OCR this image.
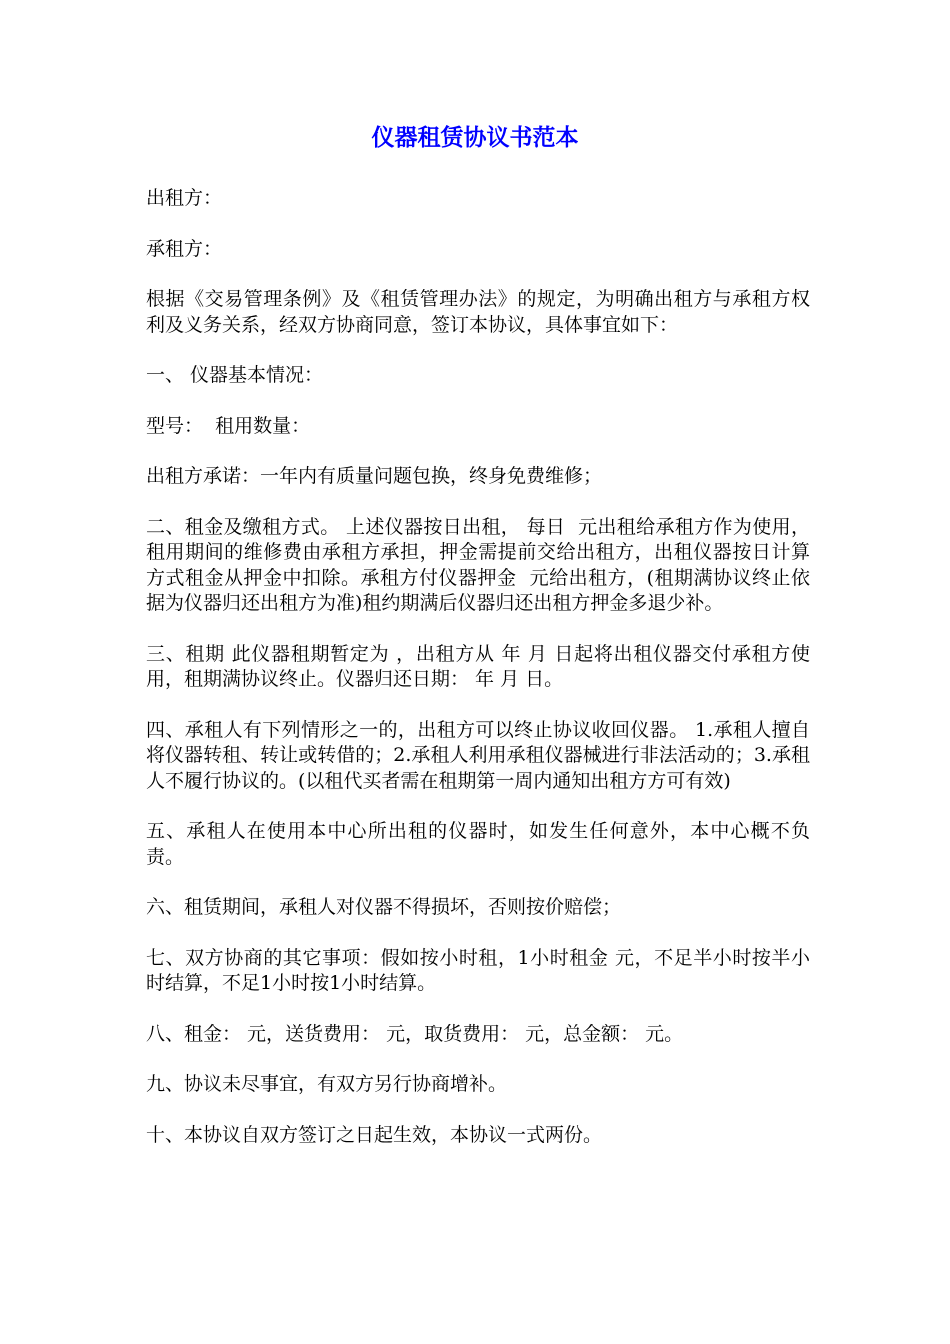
仪器租赁协议书范本

出租方：

承租方：

根据《交易管理条例》及《租赁管理办法》的规定，为明确出租方与承租方权利及义务关系，经双方协商同意，签订本协议，具体事宜如下：

一、 仪器基本情况：

型号：  租用数量：

出租方承诺：一年内有质量问题包换，终身免费维修；

二、租金及缴租方式。 上述仪器按日出租， 每日  元出租给承租方作为使用，租用期间的维修费由承租方承担，押金需提前交给出租方，出租仪器按日计算方式租金从押金中扣除。承租方付仪器押金  元给出租方，(租期满协议终止依据为仪器归还出租方为准)租约期满后仪器归还出租方押金多退少补。

三、租期 此仪器租期暂定为 ，出租方从 年 月 日起将出租仪器交付承租方使用，租期满协议终止。仪器归还日期： 年 月 日。

四、承租人有下列情形之一的，出租方可以终止协议收回仪器。 1.承租人擅自将仪器转租、转让或转借的；2.承租人利用承租仪器械进行非法活动的；3.承租人不履行协议的。(以租代买者需在租期第一周内通知出租方方可有效)

五、承租人在使用本中心所出租的仪器时，如发生任何意外，本中心概不负责。

六、租赁期间，承租人对仪器不得损坏，否则按价赔偿；

七、双方协商的其它事项：假如按小时租，1小时租金 元，不足半小时按半小时结算，不足1小时按1小时结算。

八、租金： 元，送货费用： 元，取货费用： 元，总金额： 元。

九、协议未尽事宜，有双方另行协商增补。

十、本协议自双方签订之日起生效，本协议一式两份。
